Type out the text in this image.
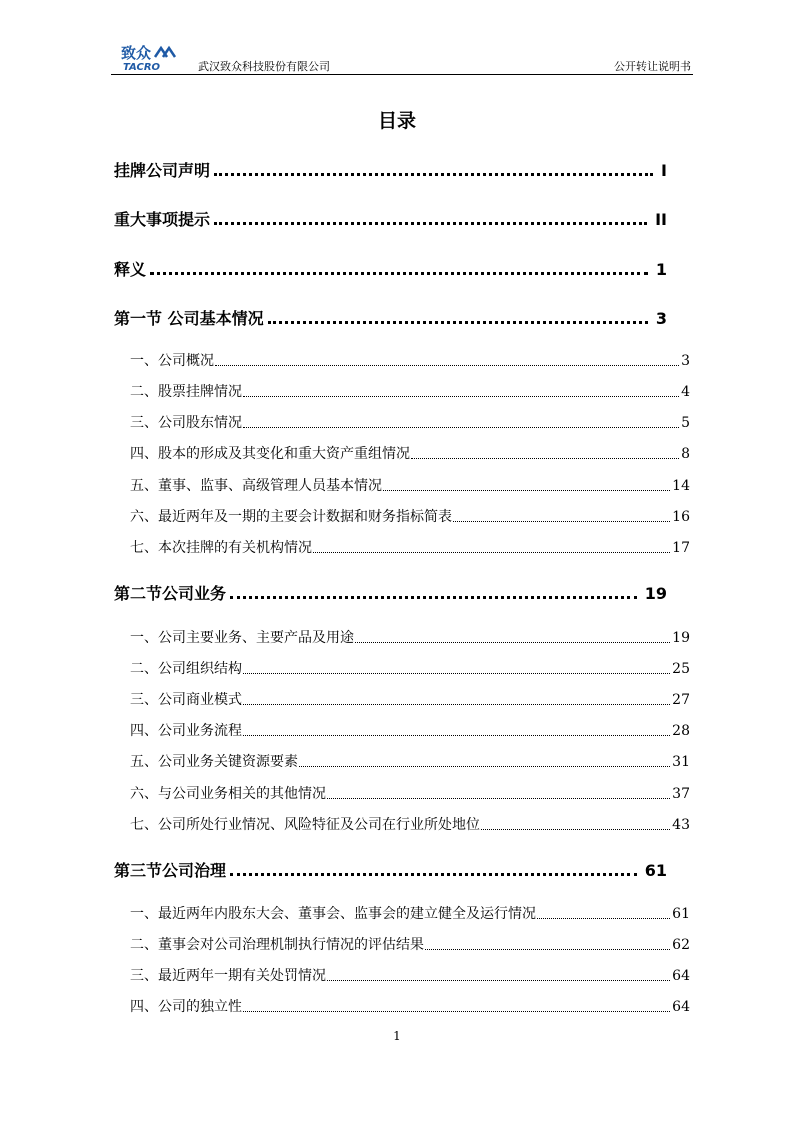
致众
TACRO	武汉致众科技股份有限公司	公开转让说明书
目录
挂牌公司声明	I
重大事项提示	II
释义	1
第一节 公司基本情况	3
一、公司概况	3
二、股票挂牌情况	4
三、公司股东情况	5
四、股本的形成及其变化和重大资产重组情况	8
五、董事、监事、高级管理人员基本情况	14
六、最近两年及一期的主要会计数据和财务指标简表	16
七、本次挂牌的有关机构情况	17
第二节公司业务	19
一、公司主要业务、主要产品及用途	19
二、公司组织结构	25
三、公司商业模式	27
四、公司业务流程	28
五、公司业务关键资源要素	31
六、与公司业务相关的其他情况	37
七、公司所处行业情况、风险特征及公司在行业所处地位	43
第三节公司治理	61
一、最近两年内股东大会、董事会、监事会的建立健全及运行情况	61
二、董事会对公司治理机制执行情况的评估结果	62
三、最近两年一期有关处罚情况	64
四、公司的独立性	64
1
